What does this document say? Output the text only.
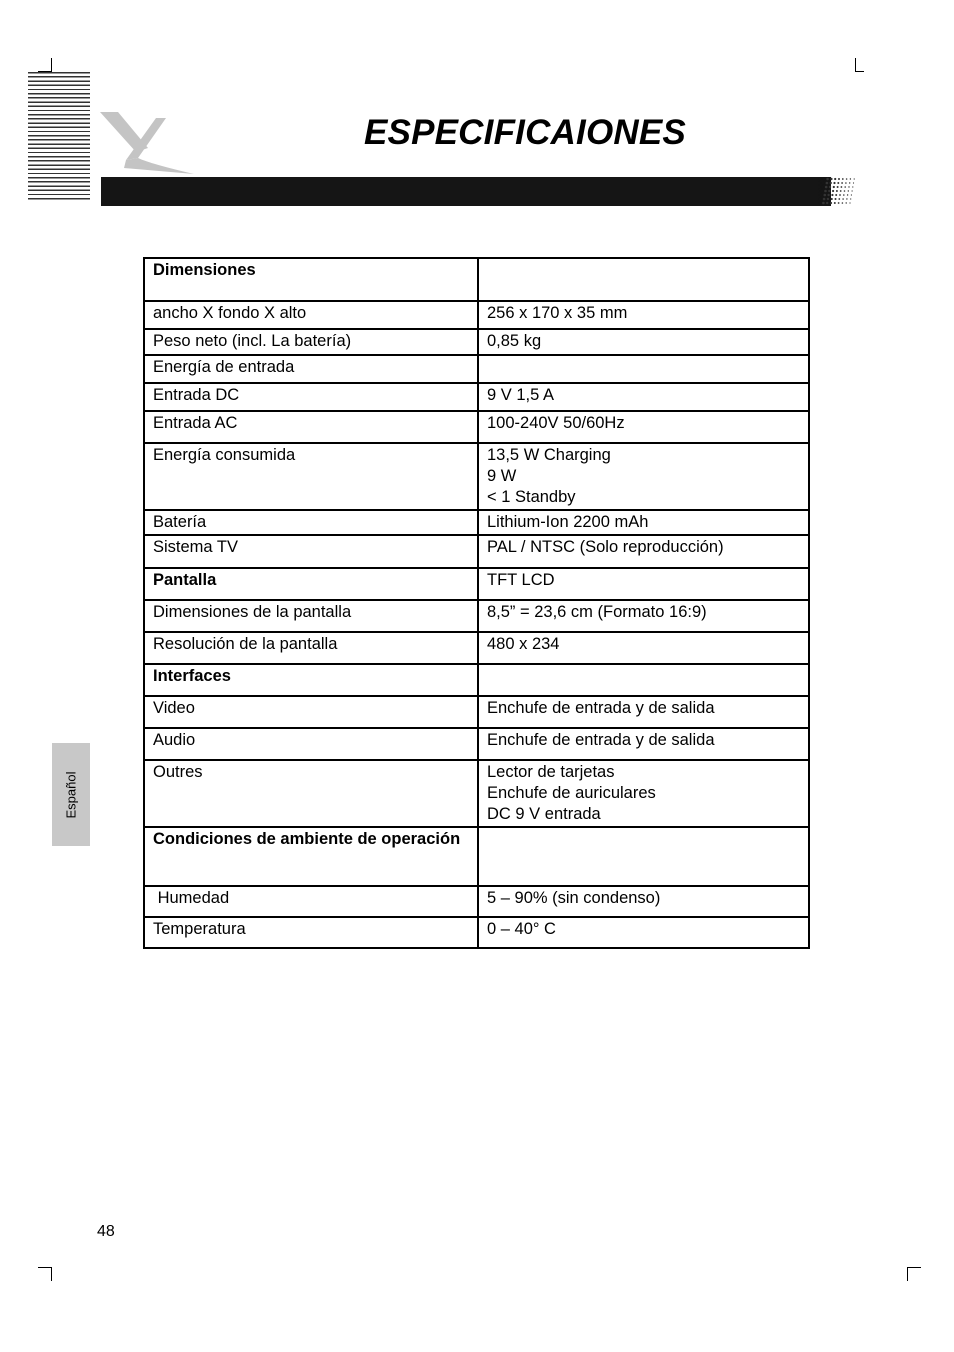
ESPECIFICAIONES
Dimensiones	

ancho X fondo X alto	256 x 170 x 35 mm

Peso neto (incl. La batería)	0,85 kg

Energía de entrada	

Entrada DC	9 V 1,5 A

Entrada AC	100-240V 50/60Hz

Energía consumida	13,5 W Charging
9 W
< 1 Standby

Batería	Lithium-Ion 2200 mAh

Sistema TV	PAL / NTSC (Solo reproducción)

Pantalla	TFT LCD

Dimensiones de la pantalla	8,5” = 23,6 cm (Formato 16:9)

Resolución de la pantalla	480 x 234

Interfaces	

Video	Enchufe de entrada y de salida

Audio	Enchufe de entrada y de salida

Outres	Lector de tarjetas
Enchufe de auriculares
DC 9 V entrada

Condiciones de ambiente de operación	

Humedad	5 – 90% (sin condenso)

Temperatura	0 – 40° C
Español
48
